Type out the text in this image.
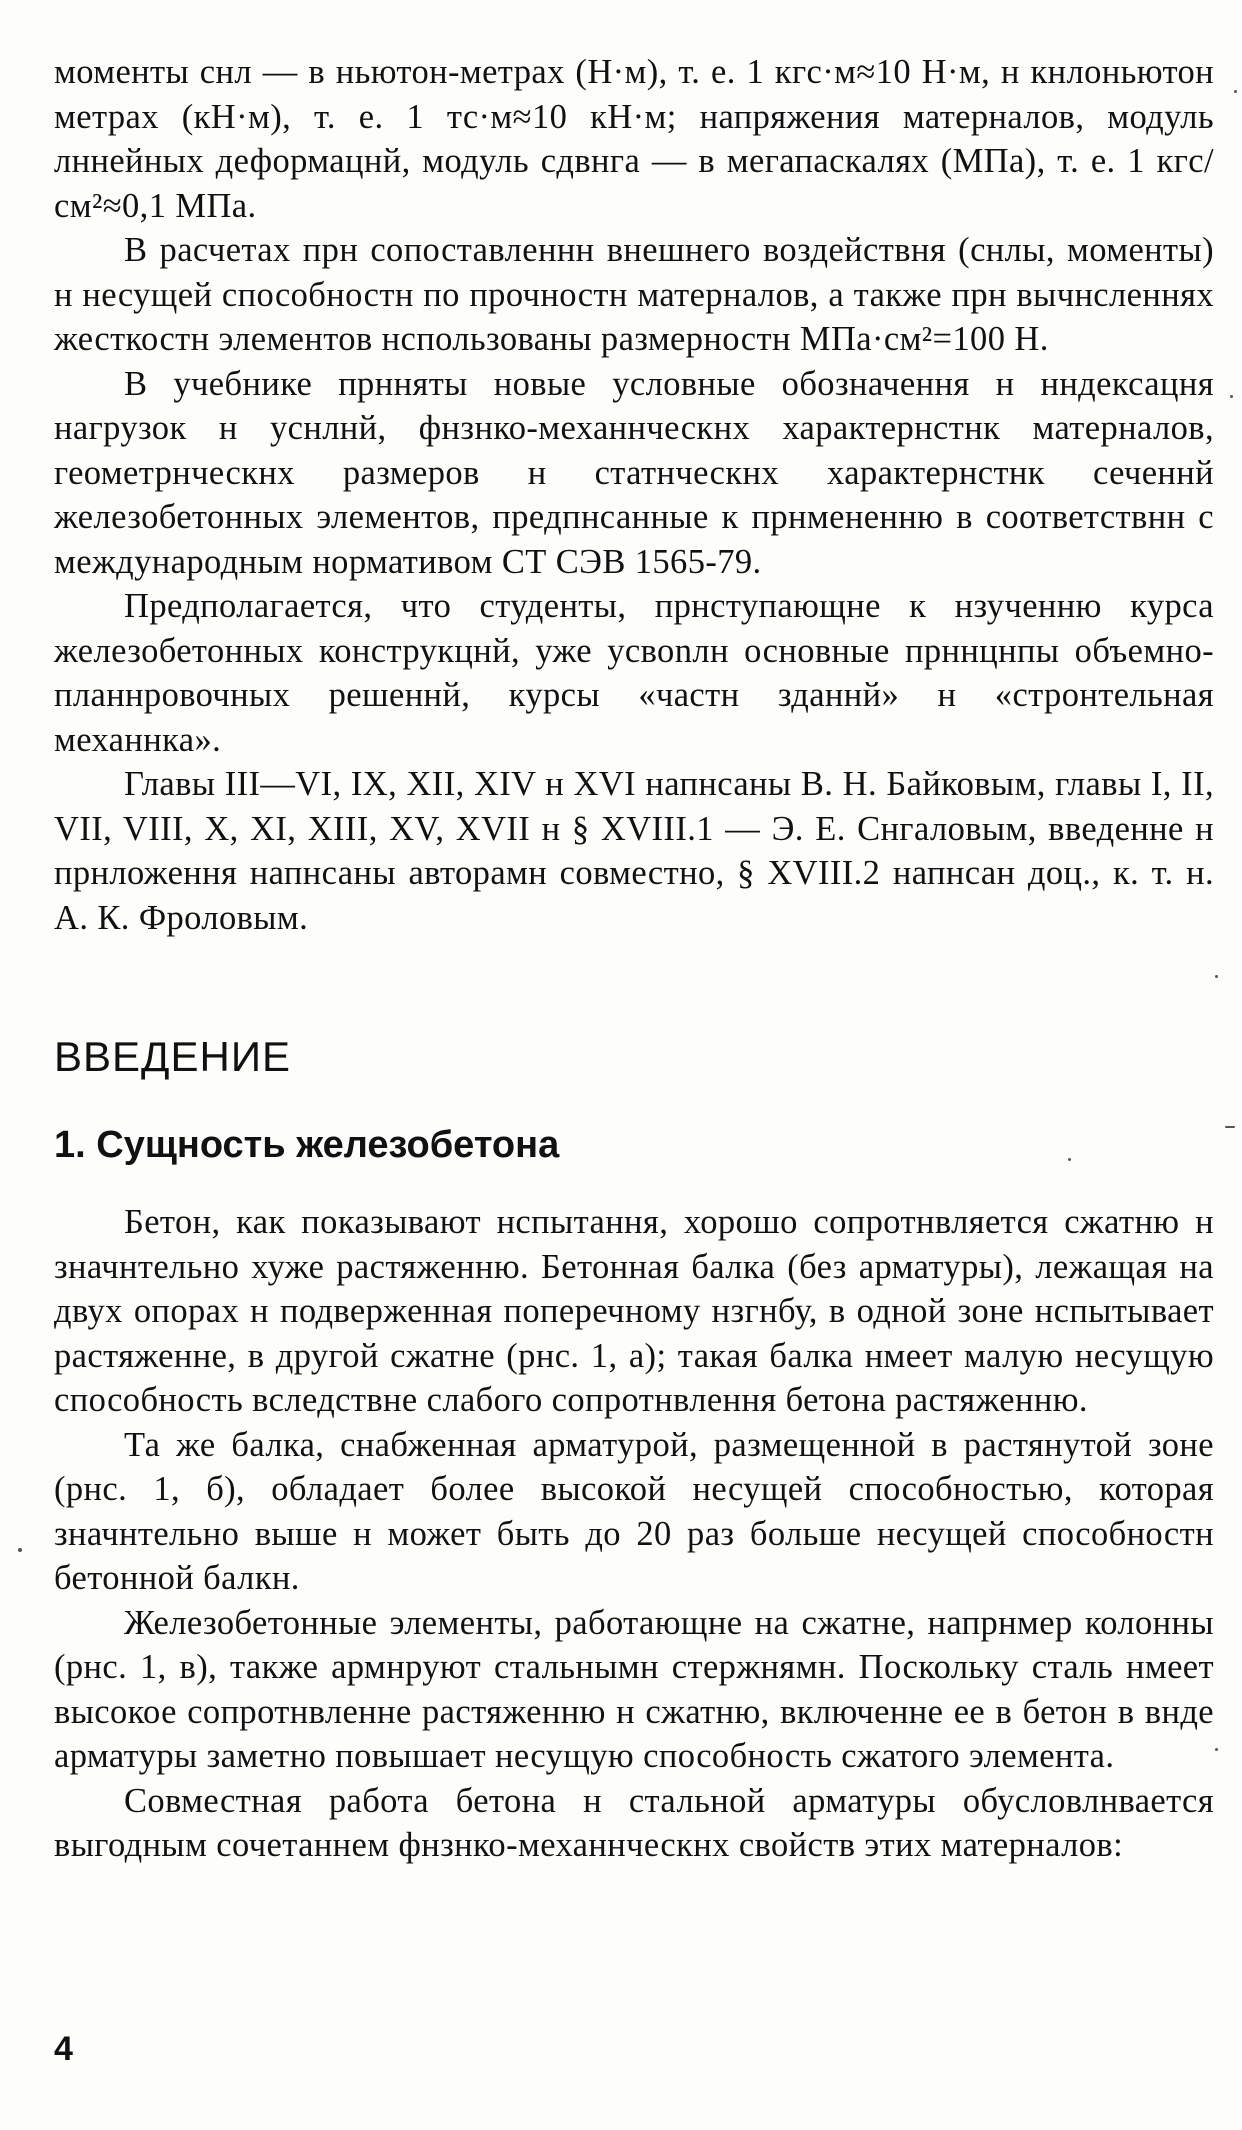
моменты снл — в ньютон-метрах (Н·м), т. е. 1 кгс·м≈10 Н·м, н кнлоньютон метрах (кН·м), т. е. 1 тс·м≈10 кН·м; напряжения матерналов, модуль лннейных деформацнй, модуль сдвнга — в мегапаскалях (МПа), т. е. 1 кгс/см²≈0,1 МПа.

В расчетах прн сопоставленнн внешнего воздействня (снлы, моменты) н несущей способностн по прочностн матерналов, а также прн вычнсленнях жесткостн элементов нспользованы размерностн МПа·см²=100 Н.

В учебнике прнняты новые условные обозначення н нндексацня нагрузок н уснлнй, фнзнко-механнческнх характернстнк матерналов, геометрнческнх размеров н статнческнх характернстнк сеченнй железобетонных элементов, предпнсанные к прнмененню в соответствнн с международным нормативом СТ СЭВ 1565-79.

Предполагается, что студенты, прнступающне к нзученню курса железобетонных конструкцнй, уже усвоnлн основные прннцнпы объемно-планнровочных решеннй, курсы «частн зданнй» н «стронтельная механнка».

Главы III—VI, IX, XII, XIV н XVI напнсаны В. Н. Байковым, главы I, II, VII, VIII, X, XI, XIII, XV, XVII н § XVIII.1 — Э. Е. Снгаловым, введенне н прнложення напнсаны авторамн совместно, § XVIII.2 напнсан доц., к. т. н. А. К. Фроловым.

ВВЕДЕНИЕ
1. Сущность железобетона

Бетон, как показывают нспытання, хорошо сопротнвляется сжатню н значнтельно хуже растяженню. Бетонная балка (без арматуры), лежащая на двух опорах н подверженная поперечному нзгнбу, в одной зоне нспытывает растяженне, в другой сжатне (рнс. 1, а); такая балка нмеет малую несущую способность вследствне слабого сопротнвлення бетона растяженню.

Та же балка, снабженная арматурой, размещенной в растянутой зоне (рнс. 1, б), обладает более высокой несущей способностью, которая значнтельно выше н может быть до 20 раз больше несущей способностн бетонной балкн.

Железобетонные элементы, работающне на сжатне, напрнмер колонны (рнс. 1, в), также армнруют стальнымн стержнямн. Поскольку сталь нмеет высокое сопротнвленне растяженню н сжатню, включенне ее в бетон в внде арматуры заметно повышает несущую способность сжатого элемента.

Совместная работа бетона н стальной арматуры обусловлнвается выгодным сочетаннем фнзнко-механнческнх свойств этих матерналов:

4
